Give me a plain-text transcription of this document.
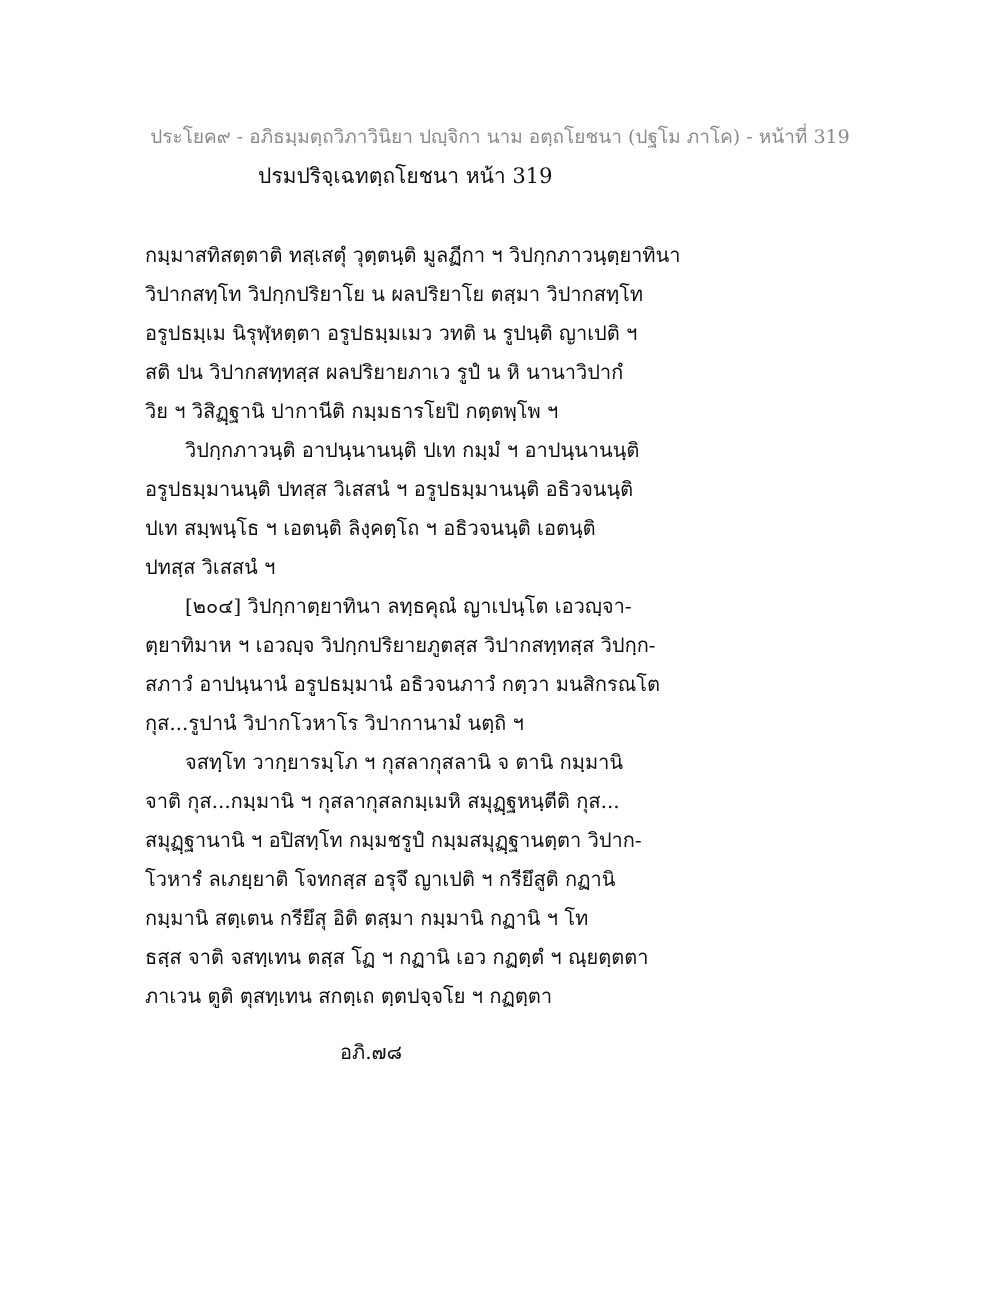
ประโยค๙ - อภิธมฺมตฺถวิภาวินิยา ปญฺจิกา นาม อตฺถโยชนา (ปฐโม ภาโค) - หน้าที่ 319
ปรมปริจฺเฉทตฺถโยชนา หน้า 319
กมฺมาสทิสตฺตาติ ทสฺเสตุํ วุตฺตนฺติ มูลฏีกา ฯ วิปกฺกภาวนฺตฺยาทินา
วิปากสทฺโท วิปกฺกปริยาโย น ผลปริยาโย ตสฺมา วิปากสทฺโท
อรูปธมฺเม นิรุฬฺหตฺตา อรูปธมฺมเมว วทติ น รูปนฺติ ญาเปติ ฯ
สติ ปน วิปากสทฺทสฺส ผลปริยายภาเว รูปํ น หิ นานาวิปากํ
วิย ฯ วิสิฏฺฐานิ ปากานีติ กมฺมธารโยปิ กตฺตพฺโพ ฯ
วิปกฺกภาวนฺติ อาปนฺนานนฺติ ปเท กมฺมํ ฯ อาปนฺนานนฺติ
อรูปธมฺมานนฺติ ปทสฺส วิเสสนํ ฯ อรูปธมฺมานนฺติ อธิวจนนฺติ
ปเท สมฺพนฺโธ ฯ เอตนฺติ ลิงฺคตฺโถ ฯ อธิวจนนฺติ เอตนฺติ
ปทสฺส วิเสสนํ ฯ
[๒๐๔] วิปกฺกาตฺยาทินา ลทฺธคุณํ ญาเปนฺโต เอวญฺจา-
ตฺยาทิมาห ฯ เอวญฺจ วิปกฺกปริยายภูตสฺส วิปากสทฺทสฺส วิปกฺก-
สภาวํ อาปนฺนานํ อรูปธมฺมานํ อธิวจนภาวํ กตฺวา มนสิกรณโต
กุส...รูปานํ วิปากโวหาโร วิปากานามํ นตฺถิ ฯ
จสทฺโท วากฺยารมฺโภ ฯ กุสลากุสลานิ จ ตานิ กมฺมานิ
จาติ กุส...กมฺมานิ ฯ กุสลากุสลกมฺเมหิ สมุฏฺฐหนฺตีติ กุส...
สมุฏฺฐานานิ ฯ อปิสทฺโท กมฺมชรูปํ กมฺมสมุฏฺฐานตฺตา วิปาก-
โวหารํ ลเภยฺยาติ โจทกสฺส อรุจึ ญาเปติ ฯ กรียึสูติ กฏานิ
กมฺมานิ สตฺเตน กรียึสุ อิติ ตสฺมา กมฺมานิ กฏานิ ฯ โท
ธสฺส จาติ จสทฺเทน ตสฺส โฏ ฯ กฏานิ เอว กฏตฺตํ ฯ ณฺยตฺตตา
ภาเวน ตูติ ตุสทฺเทน สกตฺเถ ตฺตปจฺจโย ฯ กฏตฺตา
อภิ.๗๘
